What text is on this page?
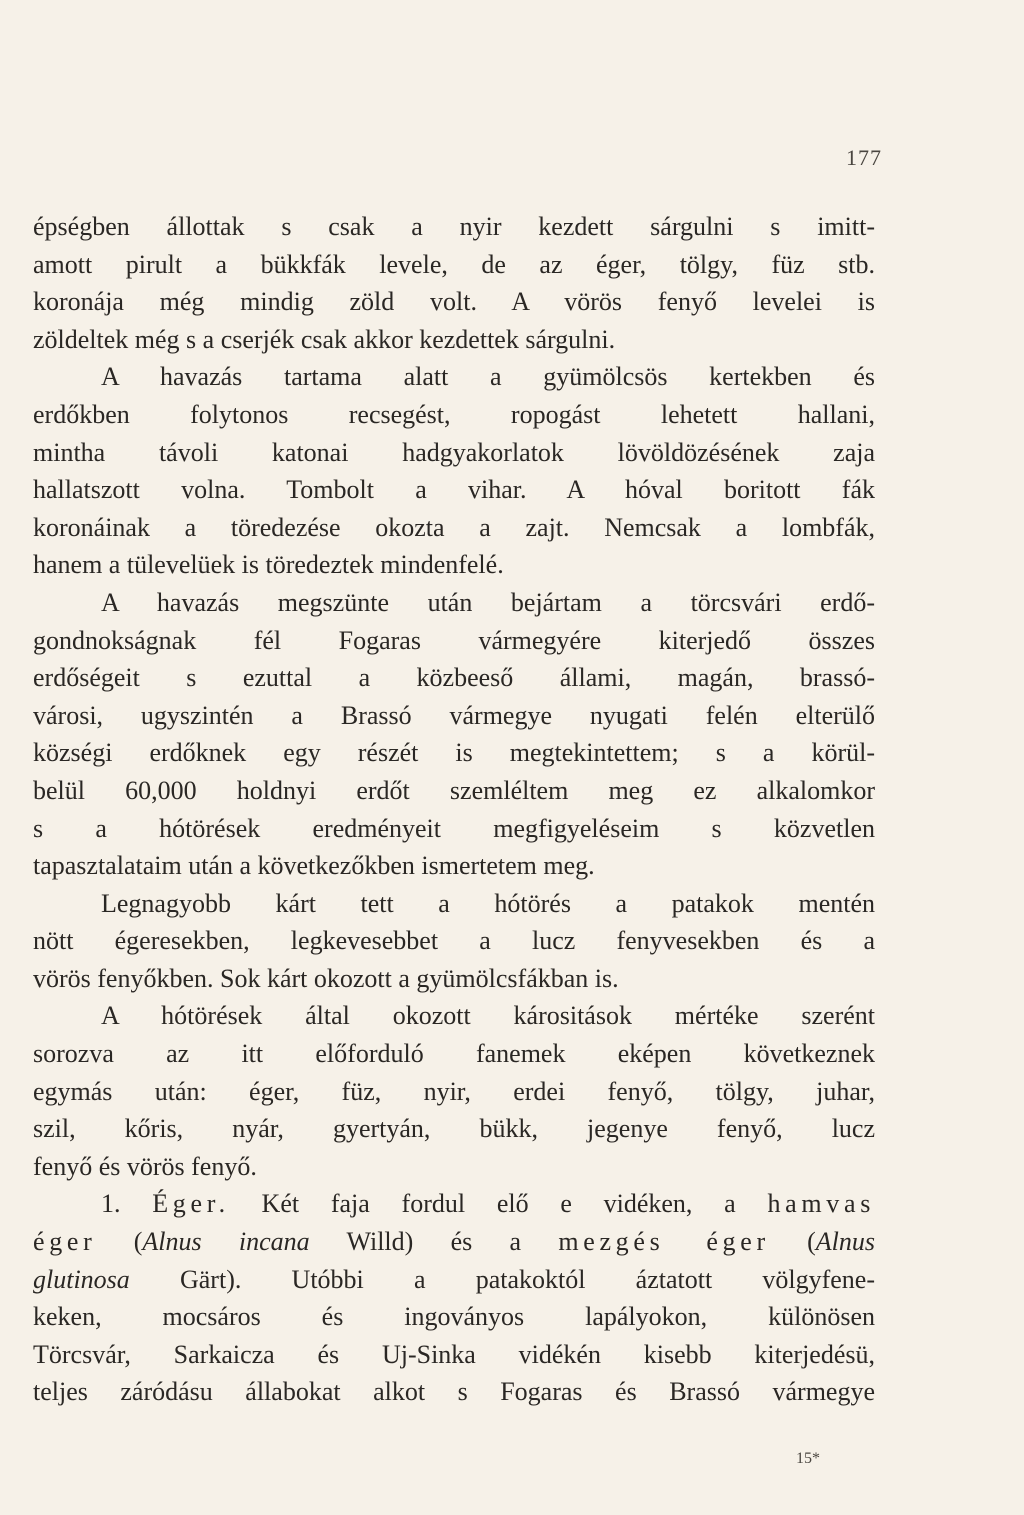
177
épségben állottak s csak a nyir kezdett sárgulni s imitt-
amott pirult a bükkfák levele, de az éger, tölgy, füz stb.
koronája még mindig zöld volt. A vörös fenyő levelei is
zöldeltek még s a cserjék csak akkor kezdettek sárgulni.
A havazás tartama alatt a gyümölcsös kertekben és
erdőkben folytonos recsegést, ropogást lehetett hallani,
mintha távoli katonai hadgyakorlatok lövöldözésének zaja
hallatszott volna. Tombolt a vihar. A hóval boritott fák
koronáinak a töredezése okozta a zajt. Nemcsak a lombfák,
hanem a tülevelüek is töredeztek mindenfelé.
A havazás megszünte után bejártam a törcsvári erdő-
gondnokságnak fél Fogaras vármegyére kiterjedő összes
erdőségeit s ezuttal a közbeeső állami, magán, brassó-
városi, ugyszintén a Brassó vármegye nyugati felén elterülő
községi erdőknek egy részét is megtekintettem; s a körül-
belül 60,000 holdnyi erdőt szemléltem meg ez alkalomkor
s a hótörések eredményeit megfigyeléseim s közvetlen
tapasztalataim után a következőkben ismertetem meg.
Legnagyobb kárt tett a hótörés a patakok mentén
nött égeresekben, legkevesebbet a lucz fenyvesekben és a
vörös fenyőkben. Sok kárt okozott a gyümölcsfákban is.
A hótörések által okozott kárositások mértéke szerént
sorozva az itt előforduló fanemek eképen következnek
egymás után: éger, füz, nyir, erdei fenyő, tölgy, juhar,
szil, kőris, nyár, gyertyán, bükk, jegenye fenyő, lucz
fenyő és vörös fenyő.
1. Éger. Két faja fordul elő e vidéken, a hamvas
éger (Alnus incana Willd) és a mezgés éger (Alnus
glutinosa Gärt). Utóbbi a patakoktól áztatott völgyfene-
keken, mocsáros és ingoványos lapályokon, különösen
Törcsvár, Sarkaicza és Uj-Sinka vidékén kisebb kiterjedésü,
teljes záródásu állabokat alkot s Fogaras és Brassó vármegye
15*
